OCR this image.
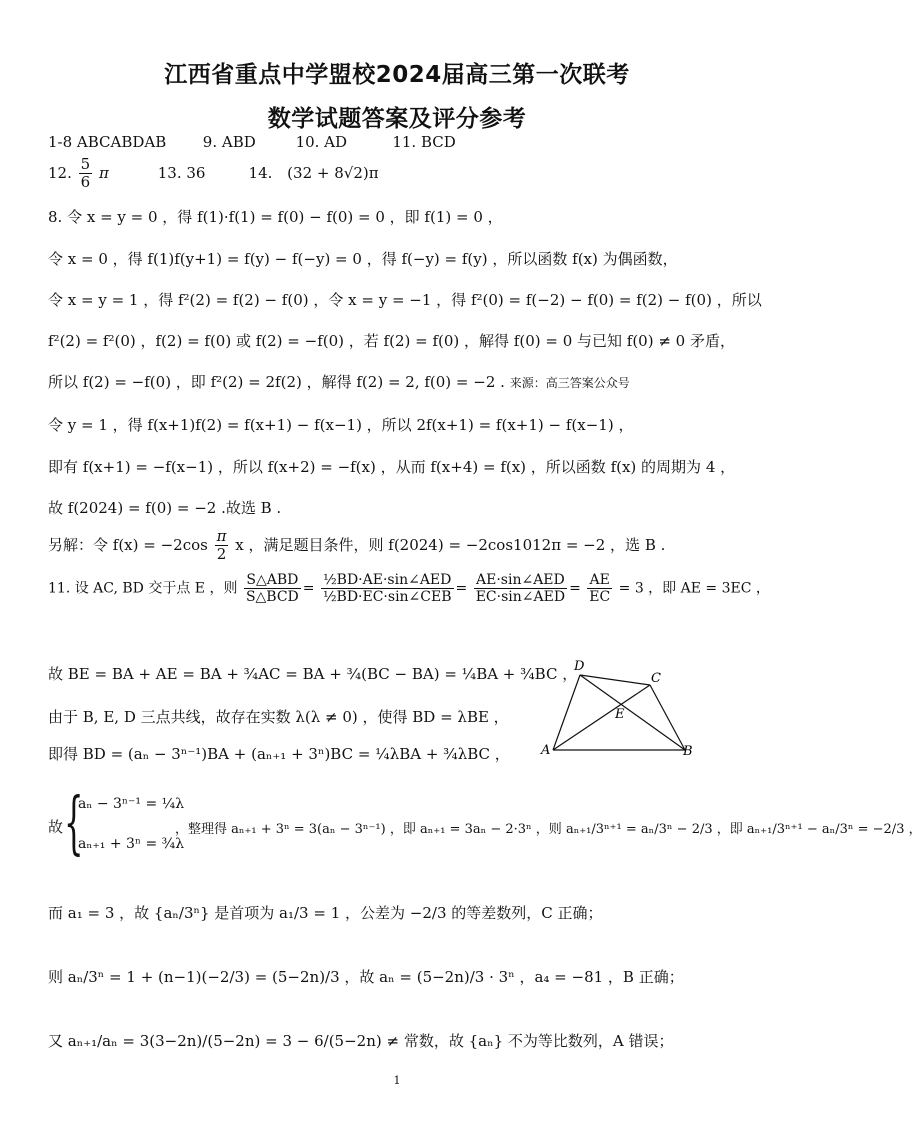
江西省重点中学盟校2024届高三第一次联考
数学试题答案及评分参考
1-8 ABCABDAB 9. ABD	10. AD	11. BCD
12. $\frac{5}{6}$ π	13. 36	14. (32 + 8√2)π
8. 令 x = y = 0 ，得 f(1)·f(1) = f(0) − f(0) = 0 ，即 f(1) = 0 ，
令 x = 0 ，得 f(1)f(y+1) = f(y) − f(−y) = 0 ，得 f(−y) = f(y) ，所以函数 f(x) 为偶函数，
令 x = y = 1 ，得 f²(2) = f(2) − f(0) ，令 x = y = −1 ，得 f²(0) = f(−2) − f(0) = f(2) − f(0) ，所以
f²(2) = f²(0) ，f(2) = f(0) 或 f(2) = −f(0) ，若 f(2) = f(0) ，解得 f(0) = 0 与已知 f(0) ≠ 0 矛盾，
所以 f(2) = −f(0) ，即 f²(2) = 2f(2) ，解得 f(2) = 2, f(0) = −2 . 来源：高三答案公众号
令 y = 1 ，得 f(x+1)f(2) = f(x+1) − f(x−1) ，所以 2f(x+1) = f(x+1) − f(x−1) ，
即有 f(x+1) = −f(x−1) ，所以 f(x+2) = −f(x) ，从而 f(x+4) = f(x) ，所以函数 f(x) 的周期为 4 ，
故 f(2024) = f(0) = −2 .故选 B .
另解：令 $f(x) = -2\cos \frac{\pi}{2}$ x ，满足题目条件，则 f(2024) = −2cos1012π = −2 ，选 B .
11. 设 AC, BD 交于点 E ，则 $\frac{\text{S△ABD}}{\text{S△BCD}} = \frac{\text{½BD·AE·sin∠AED}}{\text{½BD·EC·sin∠CEB}} = \frac{\text{AE·sin∠AED}}{\text{EC·sin∠AED}} = \frac{AE}{EC} = 3$ ，即 AE = 3EC ，
故 BE = BA + AE = BA + ¾AC = BA + ¾(BC − BA) = ¼BA + ¾BC ，
由于 B, E, D 三点共线，故存在实数 λ(λ ≠ 0) ，使得 BD = λBE ，
即得 BD = (aₙ − 3ⁿ⁻¹)BA + (aₙ₊₁ + 3ⁿ)BC = ¼λBA + ¾λBC ，
D
C
E
A	B
故 {
aₙ − 3ⁿ⁻¹ = ¼λ
aₙ₊₁ + 3ⁿ = ¾λ
，整理得 aₙ₊₁ + 3ⁿ = 3(aₙ − 3ⁿ⁻¹) ，即 aₙ₊₁ = 3aₙ − 2·3ⁿ ，则 aₙ₊₁/3ⁿ⁺¹ = aₙ/3ⁿ − 2/3 ，即 aₙ₊₁/3ⁿ⁺¹ − aₙ/3ⁿ = −2/3 ，
而 a₁ = 3 ，故 {aₙ/3ⁿ} 是首项为 a₁/3 = 1 ，公差为 −2/3 的等差数列，C 正确；
则 aₙ/3ⁿ = 1 + (n−1)(−2/3) = (5−2n)/3 ，故 aₙ = (5−2n)/3 · 3ⁿ ，a₄ = −81 ，B 正确；
又 aₙ₊₁/aₙ = 3(3−2n)/(5−2n) = 3 − 6/(5−2n) ≠ 常数，故 {aₙ} 不为等比数列，A 错误；
1
